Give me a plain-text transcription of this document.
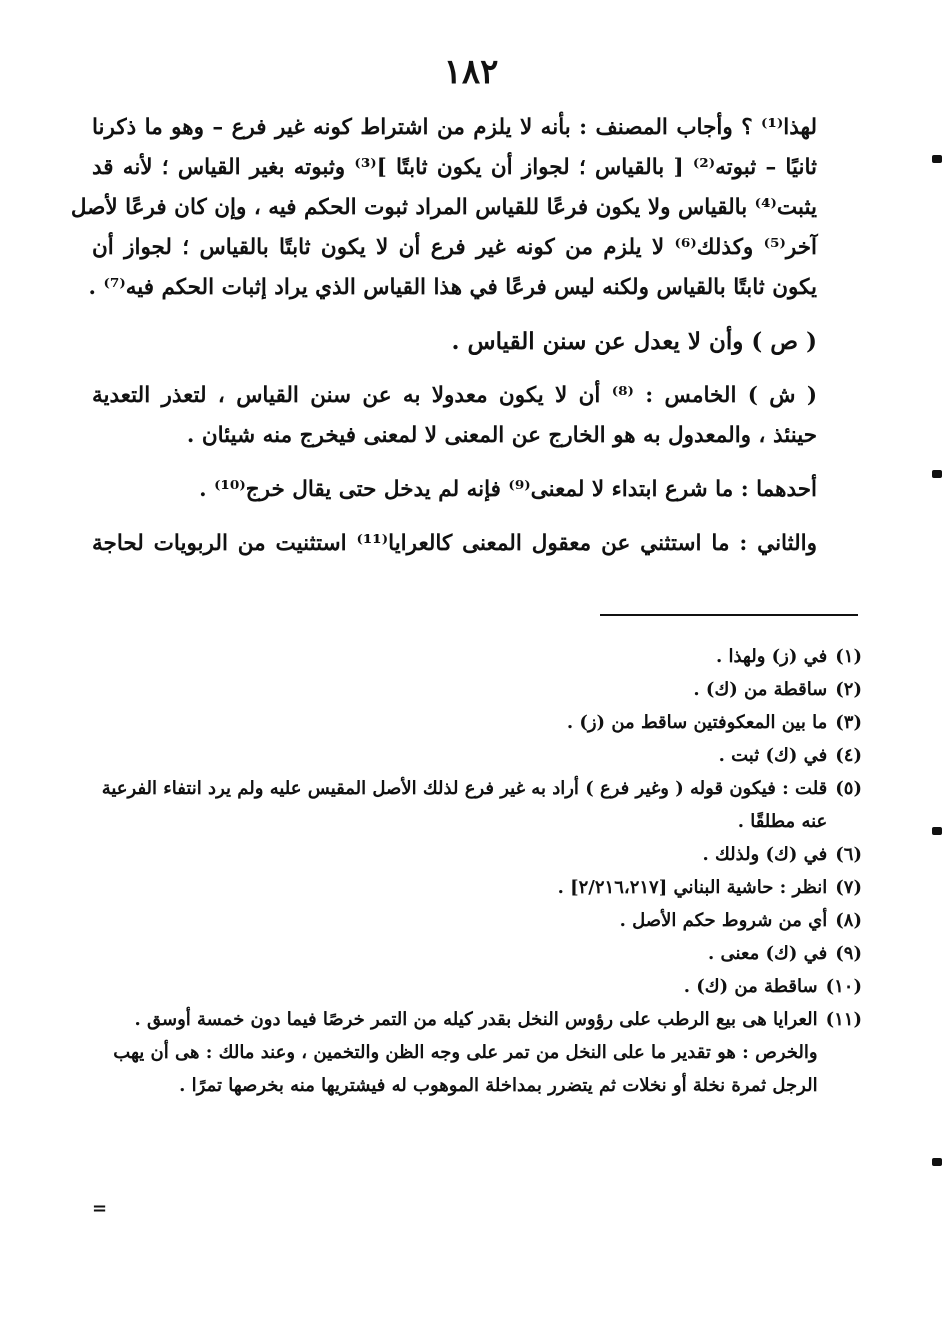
١٨٢
لهذا⁽¹⁾ ؟ وأجاب المصنف : بأنه لا يلزم من اشتراط كونه غير فرع – وهو ما ذكرنا
ثانيًا – ثبوته⁽²⁾ [ بالقياس ؛ لجواز أن يكون ثابتًا ]⁽³⁾ وثبوته بغير القياس ؛ لأنه قد
يثبت⁽⁴⁾ بالقياس ولا يكون فرعًا للقياس المراد ثبوت الحكم فيه ، وإن كان فرعًا لأصل
آخر⁽⁵⁾ وكذلك⁽⁶⁾ لا يلزم من كونه غير فرع أن لا يكون ثابتًا بالقياس ؛ لجواز أن
يكون ثابتًا بالقياس ولكنه ليس فرعًا في هذا القياس الذي يراد إثبات الحكم فيه⁽⁷⁾ .
( ص ) وأن لا يعدل عن سنن القياس .
( ش ) الخامس : ⁽⁸⁾ أن لا يكون معدولا به عن سنن القياس ، لتعذر التعدية
حينئذ ، والمعدول به هو الخارج عن المعنى لا لمعنى فيخرج منه شيئان .
أحدهما : ما شرع ابتداء لا لمعنى⁽⁹⁾ فإنه لم يدخل حتى يقال خرج⁽¹⁰⁾ .
والثاني : ما استثني عن معقول المعنى كالعرايا⁽¹¹⁾ استثنيت من الربويات لحاجة
(١)
في (ز) ولهذا .
(٢)
ساقطة من (ك) .
(٣)
ما بين المعكوفتين ساقط من (ز) .
(٤)
في (ك) ثبت .
(٥)
قلت : فيكون قوله ( وغير فرع ) أراد به غير فرع لذلك الأصل المقيس عليه ولم يرد انتفاء الفرعية عنه مطلقًا .
(٦)
في (ك) ولذلك .
(٧)
انظر : حاشية البناني [٢/٢١٦،٢١٧] .
(٨)
أي من شروط حكم الأصل .
(٩)
في (ك) معنى .
(١٠)
ساقطة من (ك) .
(١١)
العرايا هى بيع الرطب على رؤوس النخل بقدر كيله من التمر خرصًا فيما دون خمسة أوسق . والخرص : هو تقدير ما على النخل من تمر على وجه الظن والتخمين ، وعند مالك : هى أن يهب الرجل ثمرة نخلة أو نخلات ثم يتضرر بمداخلة الموهوب له فيشتريها منه بخرصها تمرًا .
=
